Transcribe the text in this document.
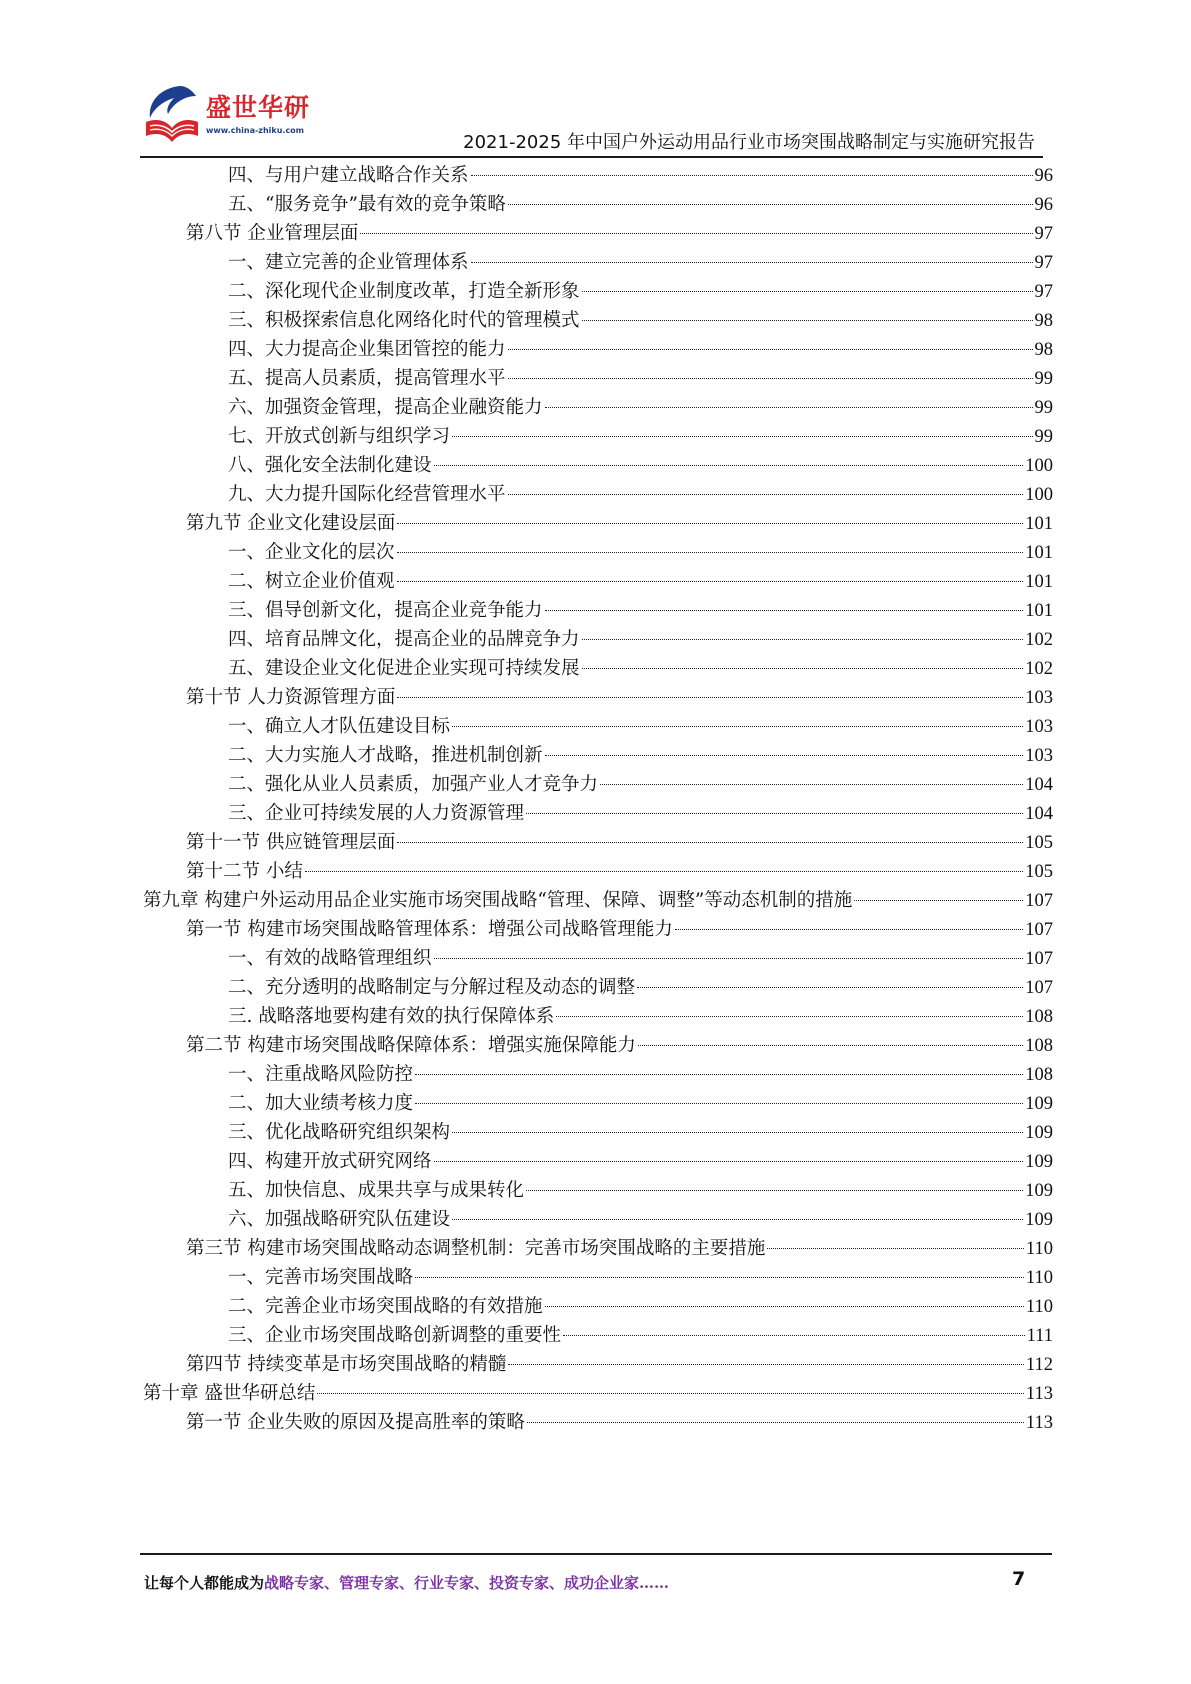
盛世华研
www.china-zhiku.com
2021-2025 年中国户外运动用品行业市场突围战略制定与实施研究报告
四、与用户建立战略合作关系	96
五、“服务竞争”最有效的竞争策略	96
第八节 企业管理层面	97
一、建立完善的企业管理体系	97
二、深化现代企业制度改革，打造全新形象	97
三、积极探索信息化网络化时代的管理模式	98
四、大力提高企业集团管控的能力	98
五、提高人员素质，提高管理水平	99
六、加强资金管理，提高企业融资能力	99
七、开放式创新与组织学习	99
八、强化安全法制化建设	100
九、大力提升国际化经营管理水平	100
第九节 企业文化建设层面	101
一、企业文化的层次	101
二、树立企业价值观	101
三、倡导创新文化，提高企业竞争能力	101
四、培育品牌文化，提高企业的品牌竞争力	102
五、建设企业文化促进企业实现可持续发展	102
第十节 人力资源管理方面	103
一、确立人才队伍建设目标	103
二、大力实施人才战略，推进机制创新	103
二、强化从业人员素质，加强产业人才竞争力	104
三、企业可持续发展的人力资源管理	104
第十一节 供应链管理层面	105
第十二节 小结	105
第九章 构建户外运动用品企业实施市场突围战略“管理、保障、调整”等动态机制的措施	107
第一节 构建市场突围战略管理体系：增强公司战略管理能力	107
一、有效的战略管理组织	107
二、充分透明的战略制定与分解过程及动态的调整	107
三. 战略落地要构建有效的执行保障体系	108
第二节 构建市场突围战略保障体系：增强实施保障能力	108
一、注重战略风险防控	108
二、加大业绩考核力度	109
三、优化战略研究组织架构	109
四、构建开放式研究网络	109
五、加快信息、成果共享与成果转化	109
六、加强战略研究队伍建设	109
第三节 构建市场突围战略动态调整机制：完善市场突围战略的主要措施	110
一、完善市场突围战略	110
二、完善企业市场突围战略的有效措施	110
三、企业市场突围战略创新调整的重要性	111
第四节 持续变革是市场突围战略的精髓	112
第十章 盛世华研总结	113
第一节 企业失败的原因及提高胜率的策略	113
让每个人都能成为战略专家、管理专家、行业专家、投资专家、成功企业家……	7
